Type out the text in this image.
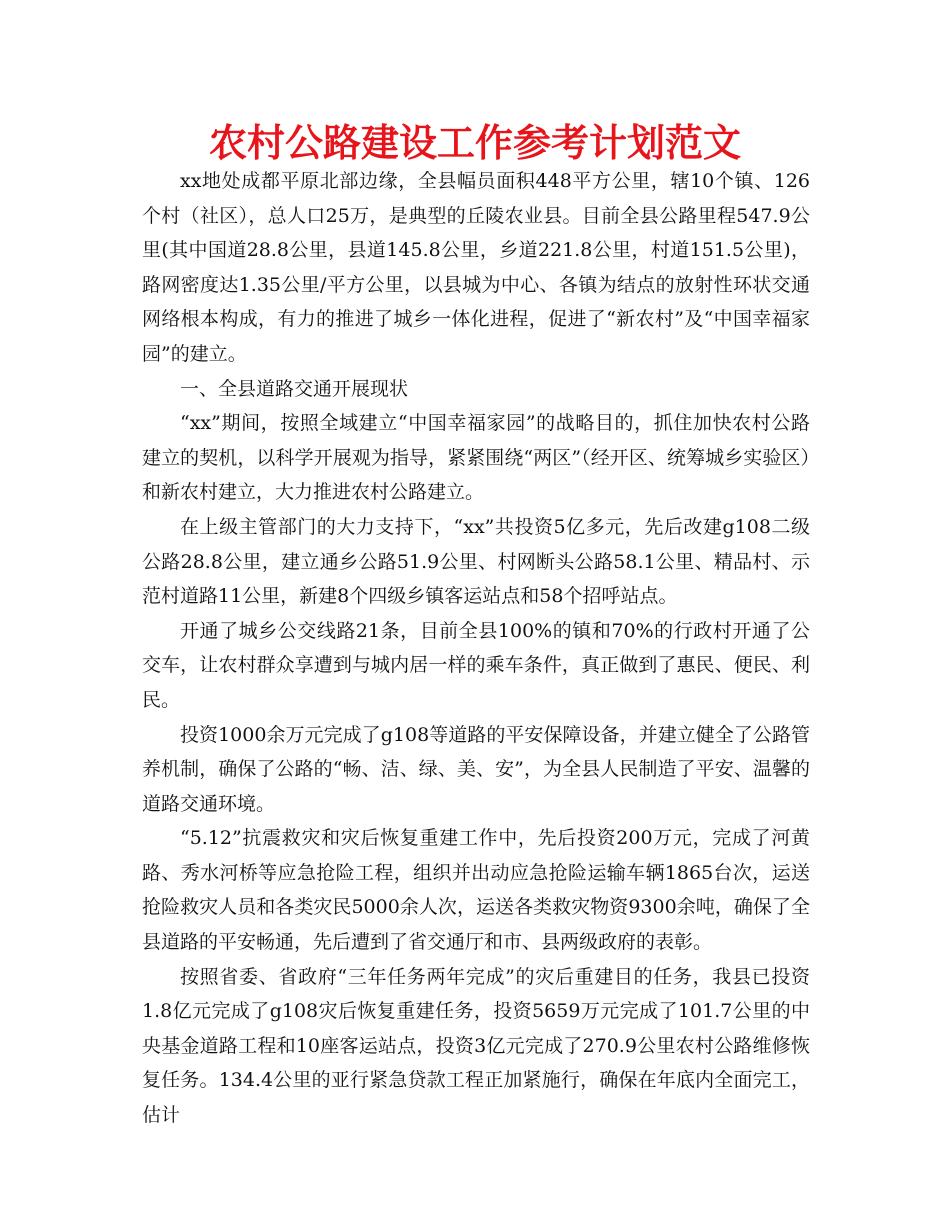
农村公路建设工作参考计划范文

xx地处成都平原北部边缘，全县幅员面积448平方公里，辖10个镇、126个村（社区），总人口25万，是典型的丘陵农业县。目前全县公路里程547.9公里(其中国道28.8公里，县道145.8公里，乡道221.8公里，村道151.5公里)，路网密度达1.35公里/平方公里，以县城为中心、各镇为结点的放射性环状交通网络根本构成，有力的推进了城乡一体化进程，促进了“新农村”及“中国幸福家园”的建立。

一、全县道路交通开展现状

“xx”期间，按照全域建立“中国幸福家园”的战略目的，抓住加快农村公路建立的契机，以科学开展观为指导，紧紧围绕“两区”（经开区、统筹城乡实验区）和新农村建立，大力推进农村公路建立。

在上级主管部门的大力支持下，“xx”共投资5亿多元，先后改建g108二级公路28.8公里，建立通乡公路51.9公里、村网断头公路58.1公里、精品村、示范村道路11公里，新建8个四级乡镇客运站点和58个招呼站点。

开通了城乡公交线路21条，目前全县100%的镇和70%的行政村开通了公交车，让农村群众享遭到与城内居一样的乘车条件，真正做到了惠民、便民、利民。

投资1000余万元完成了g108等道路的平安保障设备，并建立健全了公路管养机制，确保了公路的“畅、洁、绿、美、安”，为全县人民制造了平安、温馨的道路交通环境。

“5.12”抗震救灾和灾后恢复重建工作中，先后投资200万元，完成了河黄路、秀水河桥等应急抢险工程，组织并出动应急抢险运输车辆1865台次，运送抢险救灾人员和各类灾民5000余人次，运送各类救灾物资9300余吨，确保了全县道路的平安畅通，先后遭到了省交通厅和市、县两级政府的表彰。

按照省委、省政府“三年任务两年完成”的灾后重建目的任务，我县已投资1.8亿元完成了g108灾后恢复重建任务，投资5659万元完成了101.7公里的中央基金道路工程和10座客运站点，投资3亿元完成了270.9公里农村公路维修恢复任务。134.4公里的亚行紧急贷款工程正加紧施行，确保在年底内全面完工，估计
